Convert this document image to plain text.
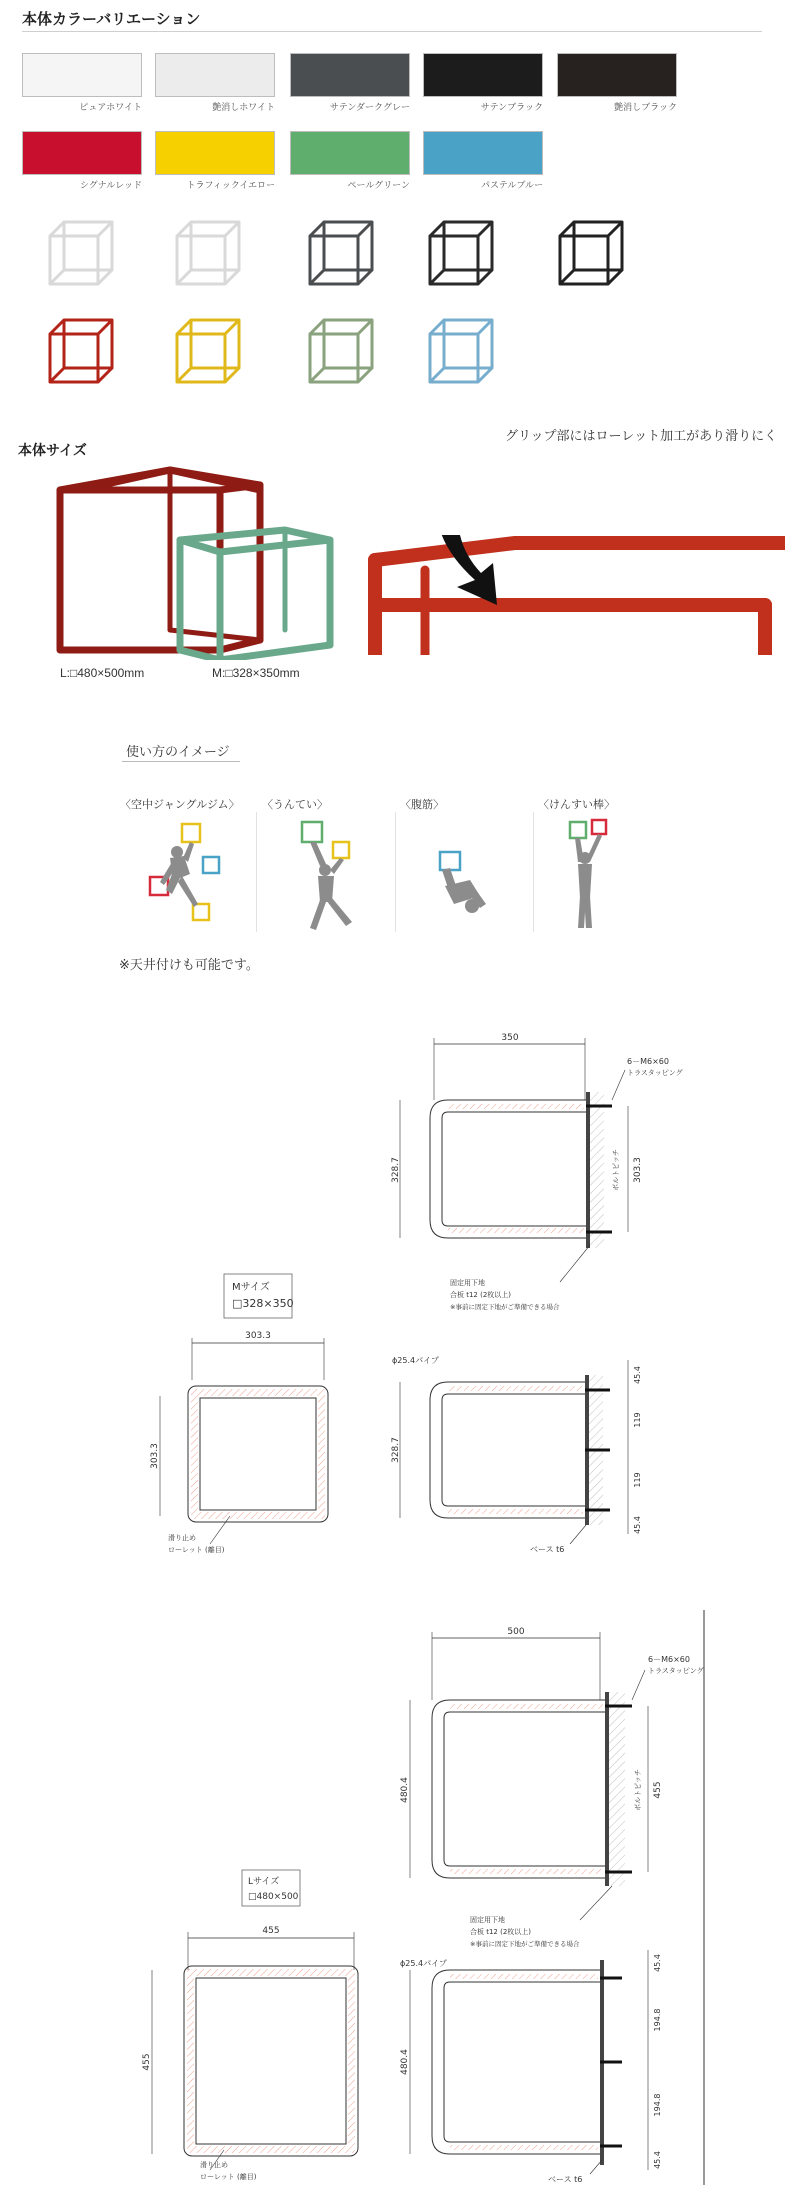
本体カラーバリエーション
ピュアホワイト	艶消しホワイト	サテンダークグレー	サテンブラック	艶消しブラック
シグナルレッド	トラフィックイエロー	ペールグリーン	パステルブルー
本体サイズ
グリップ部にはローレット加工があり滑りにく
L:□480×500mm	M:□328×350mm
使い方のイメージ
〈空中ジャングルジム〉 〈うんてい〉	〈腹筋〉	〈けんすい棒〉
※天井付けも可能です。
350
328.7	303.3
ボルトピッチ
6－M6×60
トラスタッピング
固定用下地
合板 t12 (2枚以上)
※事前に固定下地がご準備できる場合
Mサイズ
□328×350
303.3
303.3
滑り止め
ローレット (離目)
ϕ25.4パイプ
328.7
45.4
119
119
45.4
ベース t6
500
480.4	455
ボルトピッチ
6－M6×60
トラスタッピング
固定用下地
合板 t12 (2枚以上)
※事前に固定下地がご準備できる場合
Lサイズ
□480×500
455
455
滑り止め
ローレット (離目)
ϕ25.4パイプ
480.4
45.4
194.8
194.8
45.4
ベース t6
